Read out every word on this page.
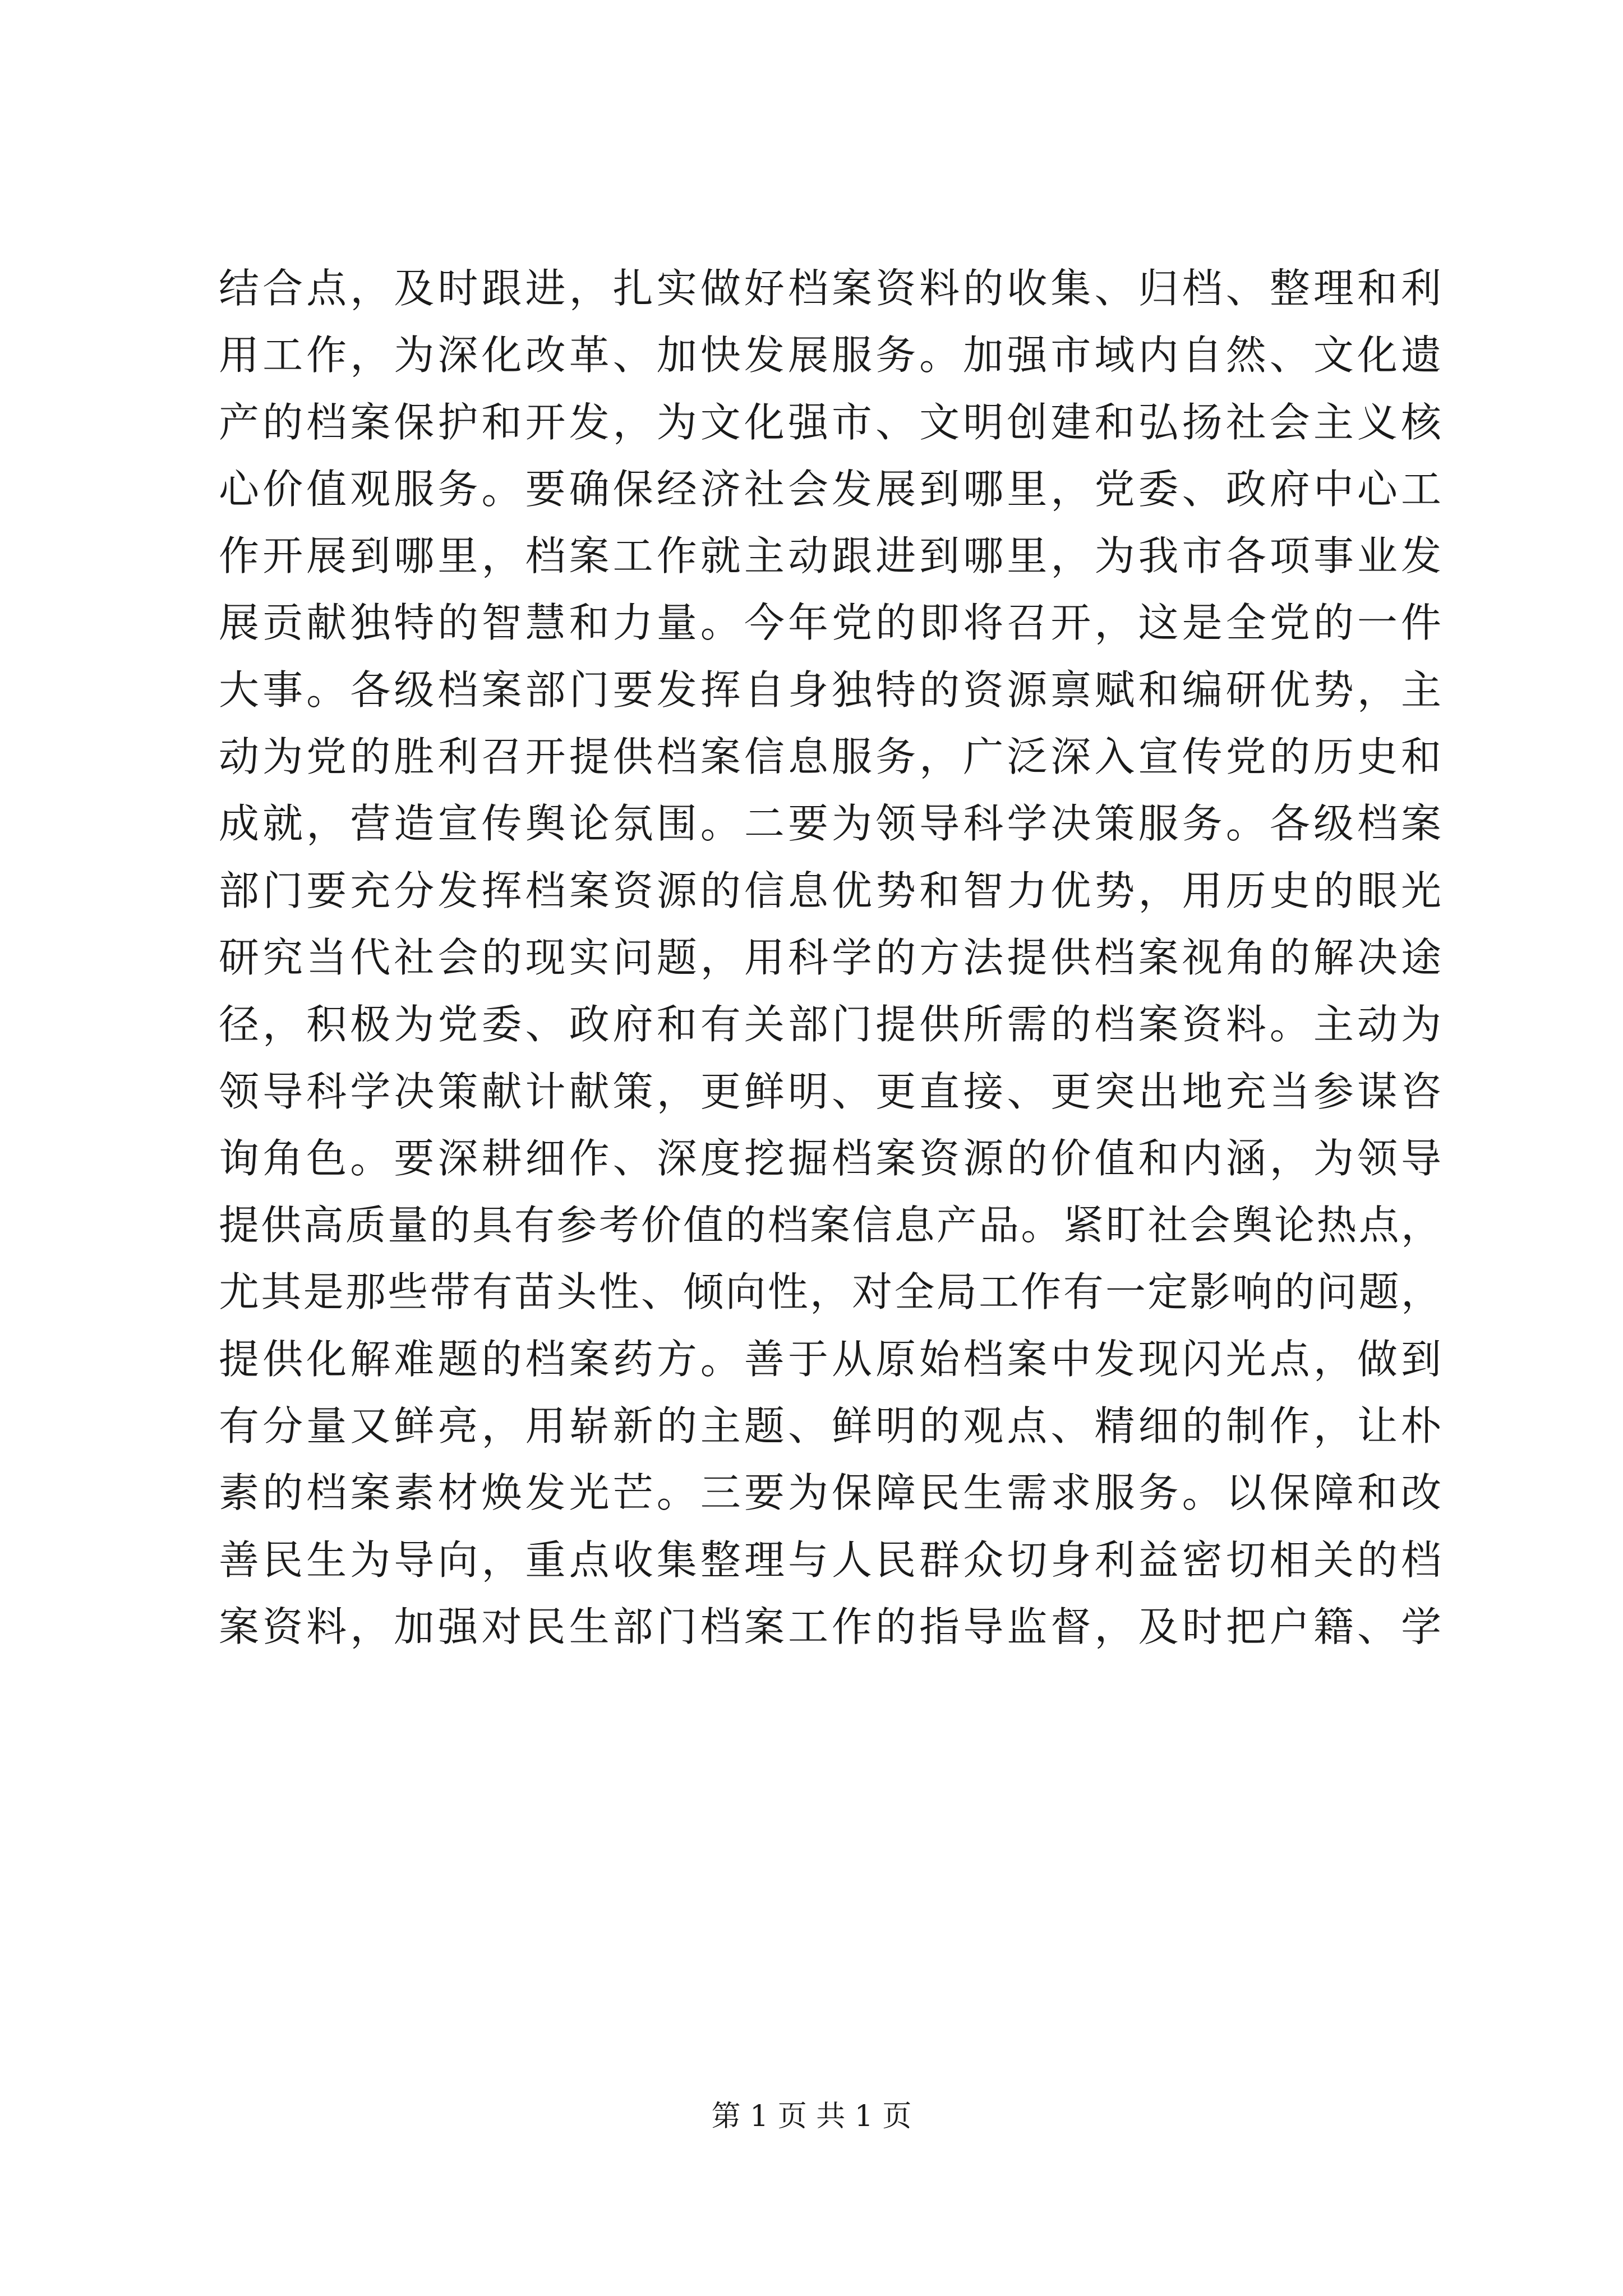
结合点，及时跟进，扎实做好档案资料的收集、归档、整理和利
用工作，为深化改革、加快发展服务。加强市域内自然、文化遗
产的档案保护和开发，为文化强市、文明创建和弘扬社会主义核
心价值观服务。要确保经济社会发展到哪里，党委、政府中心工
作开展到哪里，档案工作就主动跟进到哪里，为我市各项事业发
展贡献独特的智慧和力量。今年党的即将召开，这是全党的一件
大事。各级档案部门要发挥自身独特的资源禀赋和编研优势，主
动为党的胜利召开提供档案信息服务，广泛深入宣传党的历史和
成就，营造宣传舆论氛围。二要为领导科学决策服务。各级档案
部门要充分发挥档案资源的信息优势和智力优势，用历史的眼光
研究当代社会的现实问题，用科学的方法提供档案视角的解决途
径，积极为党委、政府和有关部门提供所需的档案资料。主动为
领导科学决策献计献策，更鲜明、更直接、更突出地充当参谋咨
询角色。要深耕细作、深度挖掘档案资源的价值和内涵，为领导
提供高质量的具有参考价值的档案信息产品。紧盯社会舆论热点，
尤其是那些带有苗头性、倾向性，对全局工作有一定影响的问题，
提供化解难题的档案药方。善于从原始档案中发现闪光点，做到
有分量又鲜亮，用崭新的主题、鲜明的观点、精细的制作，让朴
素的档案素材焕发光芒。三要为保障民生需求服务。以保障和改
善民生为导向，重点收集整理与人民群众切身利益密切相关的档
案资料，加强对民生部门档案工作的指导监督，及时把户籍、学
第 1 页 共 1 页
